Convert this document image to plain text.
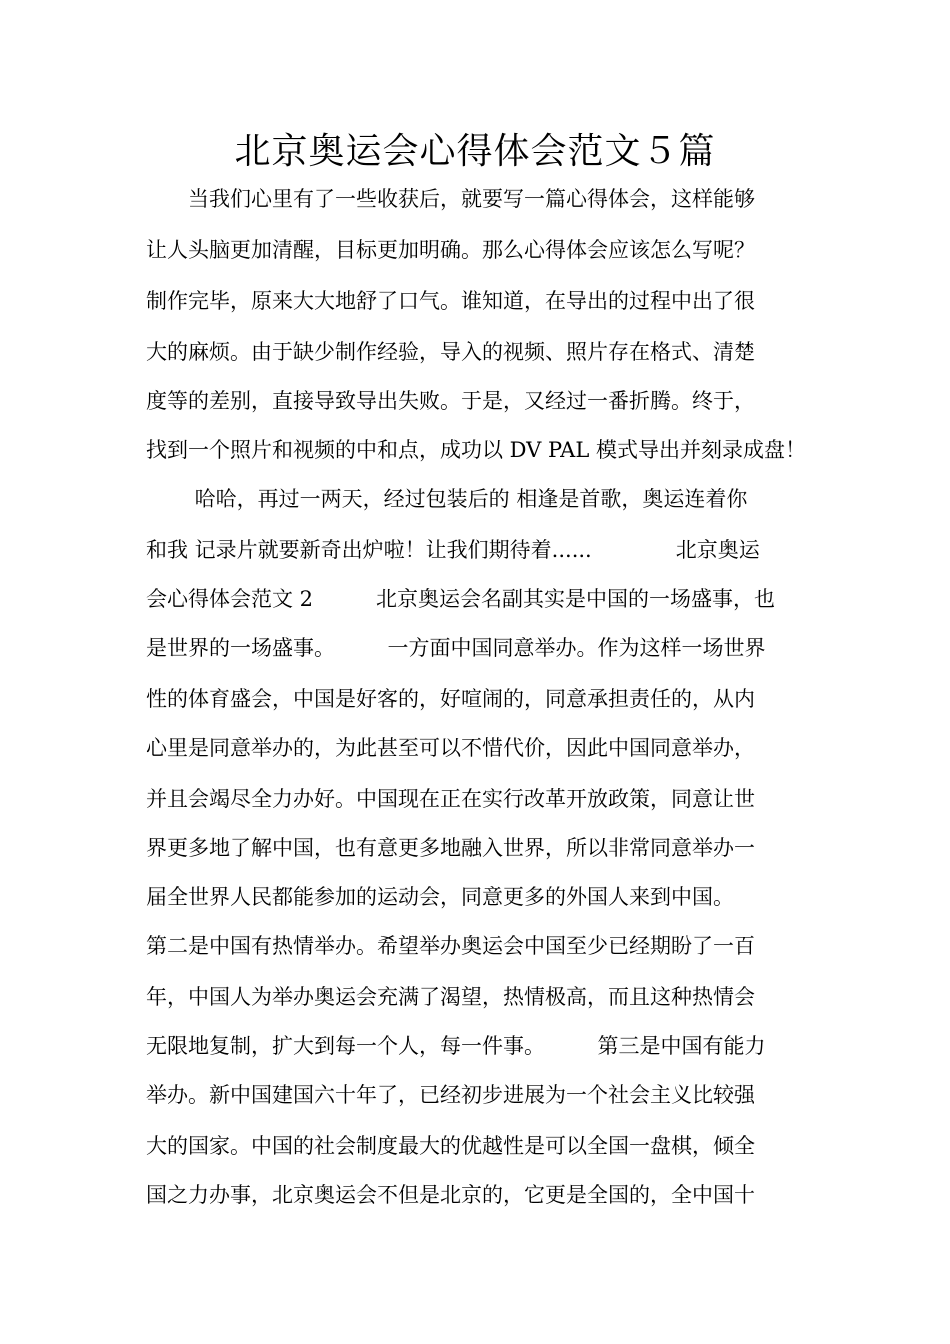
北京奥运会心得体会范文５篇
　　当我们心里有了一些收获后，就要写一篇心得体会，这样能够
让人头脑更加清醒，目标更加明确。那么心得体会应该怎么写呢？
制作完毕，原来大大地舒了口气。谁知道，在导出的过程中出了很
大的麻烦。由于缺少制作经验，导入的视频、照片存在格式、清楚
度等的差别，直接导致导出失败。于是，又经过一番折腾。终于，
找到一个照片和视频的中和点，成功以 DV PAL 模式导出并刻录成盘！
　　 哈哈，再过一两天，经过包装后的 相逢是首歌，奥运连着你
和我 记录片就要新奇出炉啦！让我们期待着......　　　　北京奥运
会心得体会范文 2　　　北京奥运会名副其实是中国的一场盛事，也
是世界的一场盛事。　　　一方面中国同意举办。作为这样一场世界
性的体育盛会，中国是好客的，好喧闹的，同意承担责任的，从内
心里是同意举办的，为此甚至可以不惜代价，因此中国同意举办，
并且会竭尽全力办好。中国现在正在实行改革开放政策，同意让世
界更多地了解中国，也有意更多地融入世界，所以非常同意举办一
届全世界人民都能参加的运动会，同意更多的外国人来到中国。
第二是中国有热情举办。希望举办奥运会中国至少已经期盼了一百
年，中国人为举办奥运会充满了渴望，热情极高，而且这种热情会
无限地复制，扩大到每一个人，每一件事。　　　第三是中国有能力
举办。新中国建国六十年了，已经初步进展为一个社会主义比较强
大的国家。中国的社会制度最大的优越性是可以全国一盘棋，倾全
国之力办事，北京奥运会不但是北京的，它更是全国的，全中国十
